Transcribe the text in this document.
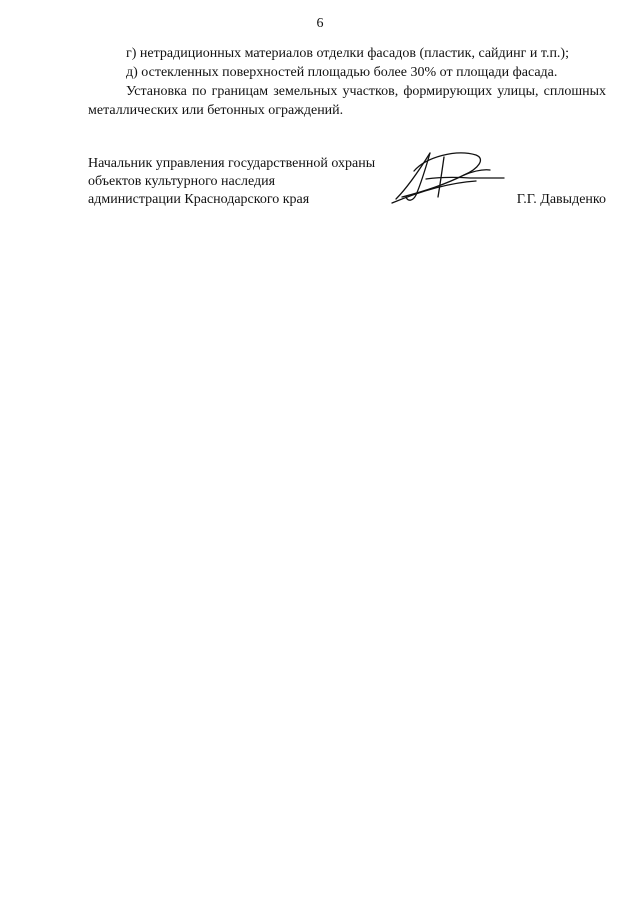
6

г) нетрадиционных материалов отделки фасадов (пластик, сайдинг и т.п.);

д) остекленных поверхностей площадью более 30% от площади фасада.

Установка по границам земельных участков, формирующих улицы, сплошных металлических или бетонных ограждений.

Начальник управления государственной охраны
объектов культурного наследия
администрации Краснодарского края	Г.Г. Давыденко
